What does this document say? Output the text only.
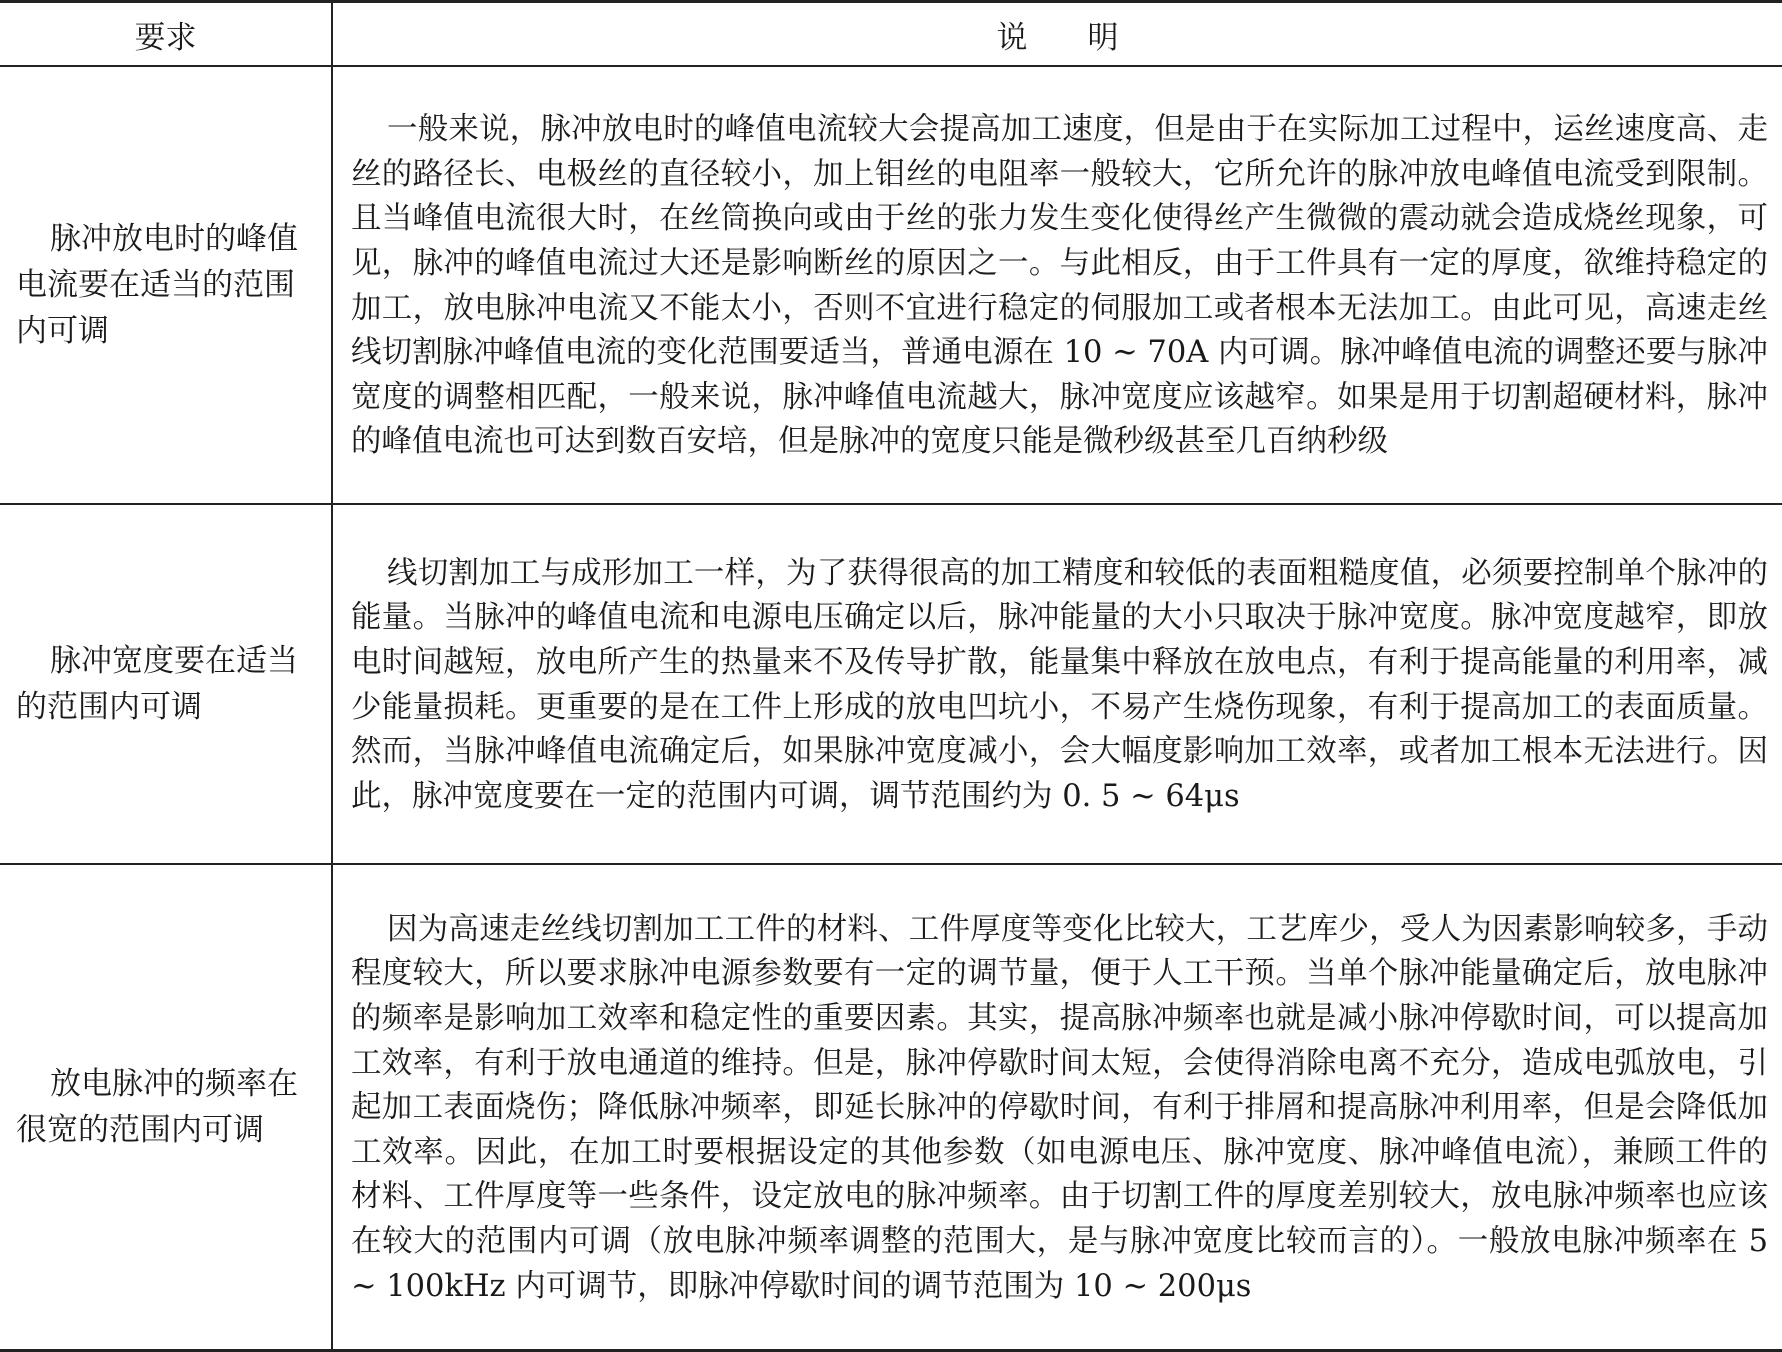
要求	说明
脉冲放电时的峰值电流要在适当的范围内可调	一般来说，脉冲放电时的峰值电流较大会提高加工速度，但是由于在实际加工过程中，运丝速度高、走丝的路径长、电极丝的直径较小，加上钼丝的电阻率一般较大，它所允许的脉冲放电峰值电流受到限制。且当峰值电流很大时，在丝筒换向或由于丝的张力发生变化使得丝产生微微的震动就会造成烧丝现象，可见，脉冲的峰值电流过大还是影响断丝的原因之一。与此相反，由于工件具有一定的厚度，欲维持稳定的加工，放电脉冲电流又不能太小，否则不宜进行稳定的伺服加工或者根本无法加工。由此可见，高速走丝线切割脉冲峰值电流的变化范围要适当，普通电源在 10 ~ 70A 内可调。脉冲峰值电流的调整还要与脉冲宽度的调整相匹配，一般来说，脉冲峰值电流越大，脉冲宽度应该越窄。如果是用于切割超硬材料，脉冲的峰值电流也可达到数百安培，但是脉冲的宽度只能是微秒级甚至几百纳秒级

脉冲宽度要在适当的范围内可调	线切割加工与成形加工一样，为了获得很高的加工精度和较低的表面粗糙度值，必须要控制单个脉冲的能量。当脉冲的峰值电流和电源电压确定以后，脉冲能量的大小只取决于脉冲宽度。脉冲宽度越窄，即放电时间越短，放电所产生的热量来不及传导扩散，能量集中释放在放电点，有利于提高能量的利用率，减少能量损耗。更重要的是在工件上形成的放电凹坑小，不易产生烧伤现象，有利于提高加工的表面质量。然而，当脉冲峰值电流确定后，如果脉冲宽度减小，会大幅度影响加工效率，或者加工根本无法进行。因此，脉冲宽度要在一定的范围内可调，调节范围约为 0. 5 ~ 64μs

放电脉冲的频率在很宽的范围内可调	因为高速走丝线切割加工工件的材料、工件厚度等变化比较大，工艺库少，受人为因素影响较多，手动程度较大，所以要求脉冲电源参数要有一定的调节量，便于人工干预。当单个脉冲能量确定后，放电脉冲的频率是影响加工效率和稳定性的重要因素。其实，提高脉冲频率也就是减小脉冲停歇时间，可以提高加工效率，有利于放电通道的维持。但是，脉冲停歇时间太短，会使得消除电离不充分，造成电弧放电，引起加工表面烧伤；降低脉冲频率，即延长脉冲的停歇时间，有利于排屑和提高脉冲利用率，但是会降低加工效率。因此，在加工时要根据设定的其他参数（如电源电压、脉冲宽度、脉冲峰值电流），兼顾工件的材料、工件厚度等一些条件，设定放电的脉冲频率。由于切割工件的厚度差别较大，放电脉冲频率也应该在较大的范围内可调（放电脉冲频率调整的范围大，是与脉冲宽度比较而言的）。一般放电脉冲频率在 5 ~ 100kHz 内可调节，即脉冲停歇时间的调节范围为 10 ~ 200μs
